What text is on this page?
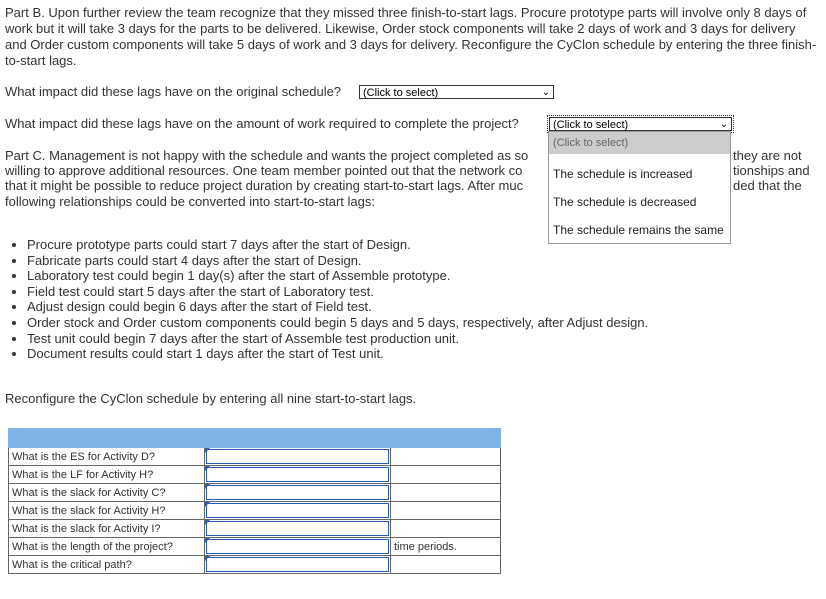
Part B. Upon further review the team recognize that they missed three finish-to-start lags. Procure prototype parts will involve only 8 days of work but it will take 3 days for the parts to be delivered. Likewise, Order stock components will take 2 days of work and 3 days for delivery and Order custom components will take 5 days of work and 3 days for delivery. Reconfigure the CyClon schedule by entering the three finish-to-start lags.

What impact did these lags have on the original schedule?	(Click to select)	⌄
What impact did these lags have on the amount of work required to complete the project?	(Click to select)	⌄
Part C. Management is not happy with the schedule and wants the project completed as so	they are not
willing to approve additional resources. One team member pointed out that the network co	tionships and
that it might be possible to reduce project duration by creating start-to-start lags. After muc	ded that the
following relationships could be converted into start-to-start lags:
(Click to select)
The schedule is increased
The schedule is decreased
The schedule remains the same
• Procure prototype parts could start 7 days after the start of Design.
• Fabricate parts could start 4 days after the start of Design.
• Laboratory test could begin 1 day(s) after the start of Assemble prototype.
• Field test could start 5 days after the start of Laboratory test.
• Adjust design could begin 6 days after the start of Field test.
• Order stock and Order custom components could begin 5 days and 5 days, respectively, after Adjust design.
• Test unit could begin 7 days after the start of Assemble test production unit.
• Document results could start 1 days after the start of Test unit.
Reconfigure the CyClon schedule by entering all nine start-to-start lags.

What is the ES for Activity D?	

What is the LF for Activity H?	

What is the slack for Activity C?	

What is the slack for Activity H?	

What is the slack for Activity I?	

What is the length of the project?		time periods.
What is the critical path?	
